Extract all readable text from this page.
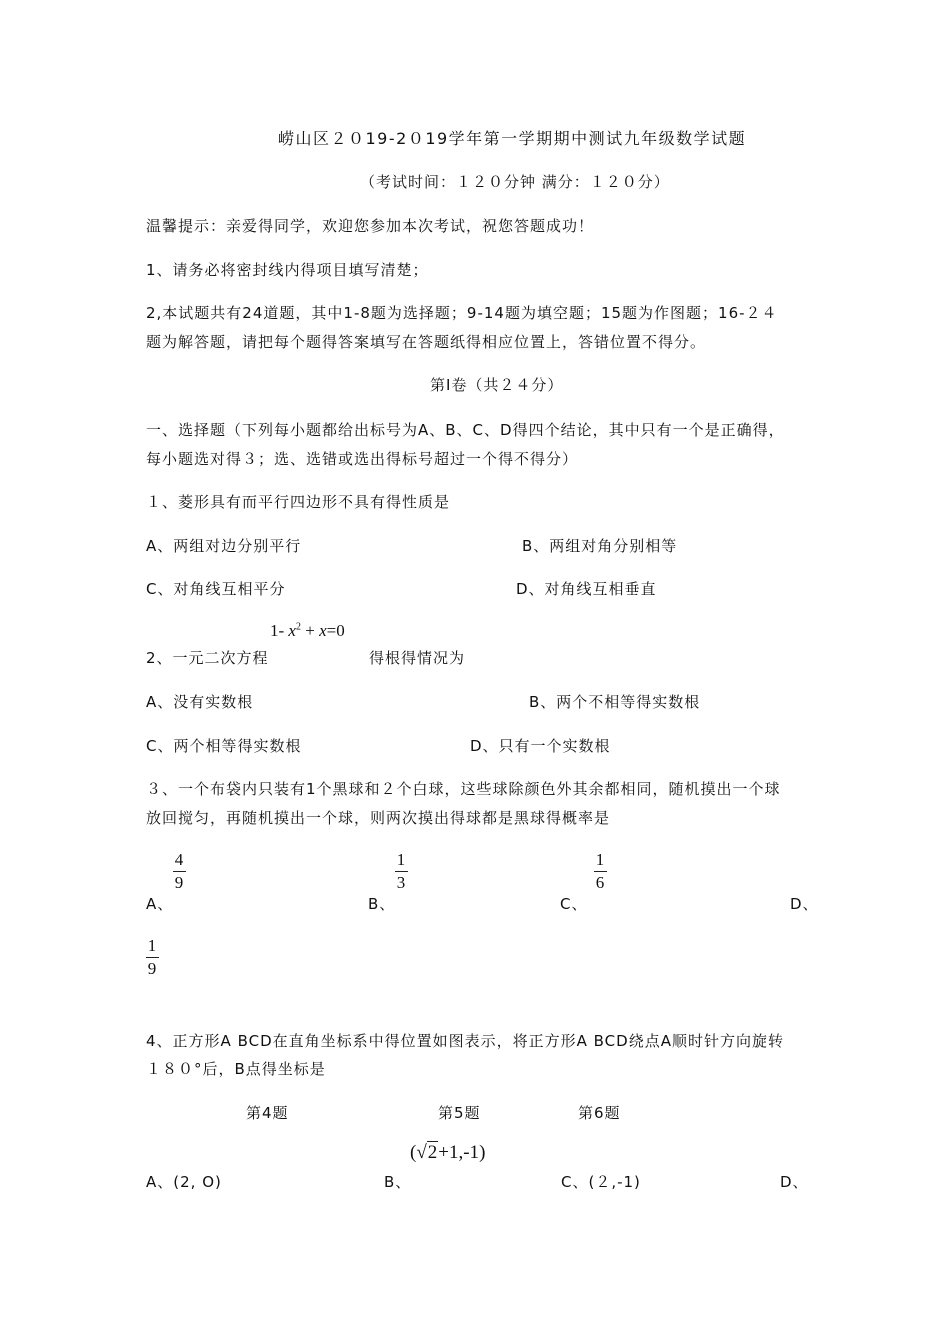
崂山区２０19-2０19学年第一学期期中测试九年级数学试题
（考试时间：１２０分钟 满分：１２０分）
温馨提示：亲爱得同学，欢迎您参加本次考试，祝您答题成功！
1、请务必将密封线内得项目填写清楚；
2,本试题共有24道题，其中1-8题为选择题；9-14题为填空题；15题为作图题；16-２４
题为解答题，请把每个题得答案填写在答题纸得相应位置上，答错位置不得分。
第Ⅰ卷（共２４分）
一、选择题（下列每小题都给出标号为A、B、C、D得四个结论，其中只有一个是正确得，
每小题选对得３；选、选错或选出得标号超过一个得不得分）
１、菱形具有而平行四边形不具有得性质是
A、两组对边分别平行	B、两组对角分别相等
C、对角线互相平分	D、对角线互相垂直
1- $x^2 + x=0$
2、一元二次方程	得根得情况为
A、没有实数根	B、两个不相等得实数根
C、两个相等得实数根	D、只有一个实数根
３、一个布袋内只装有1个黑球和２个白球，这些球除颜色外其余都相同，随机摸出一个球
放回搅匀，再随机摸出一个球，则两次摸出得球都是黑球得概率是
4
9
1
3
1
6
A、	B、	C、	D、
1
9
4、正方形A BCD在直角坐标系中得位置如图表示，将正方形A BCD绕点A顺时针方向旋转
１８０°后，B点得坐标是
第4题	第5题	第6题
(√2+1,-1)
A、(2, O)	B、	C、(２,-1)	D、
